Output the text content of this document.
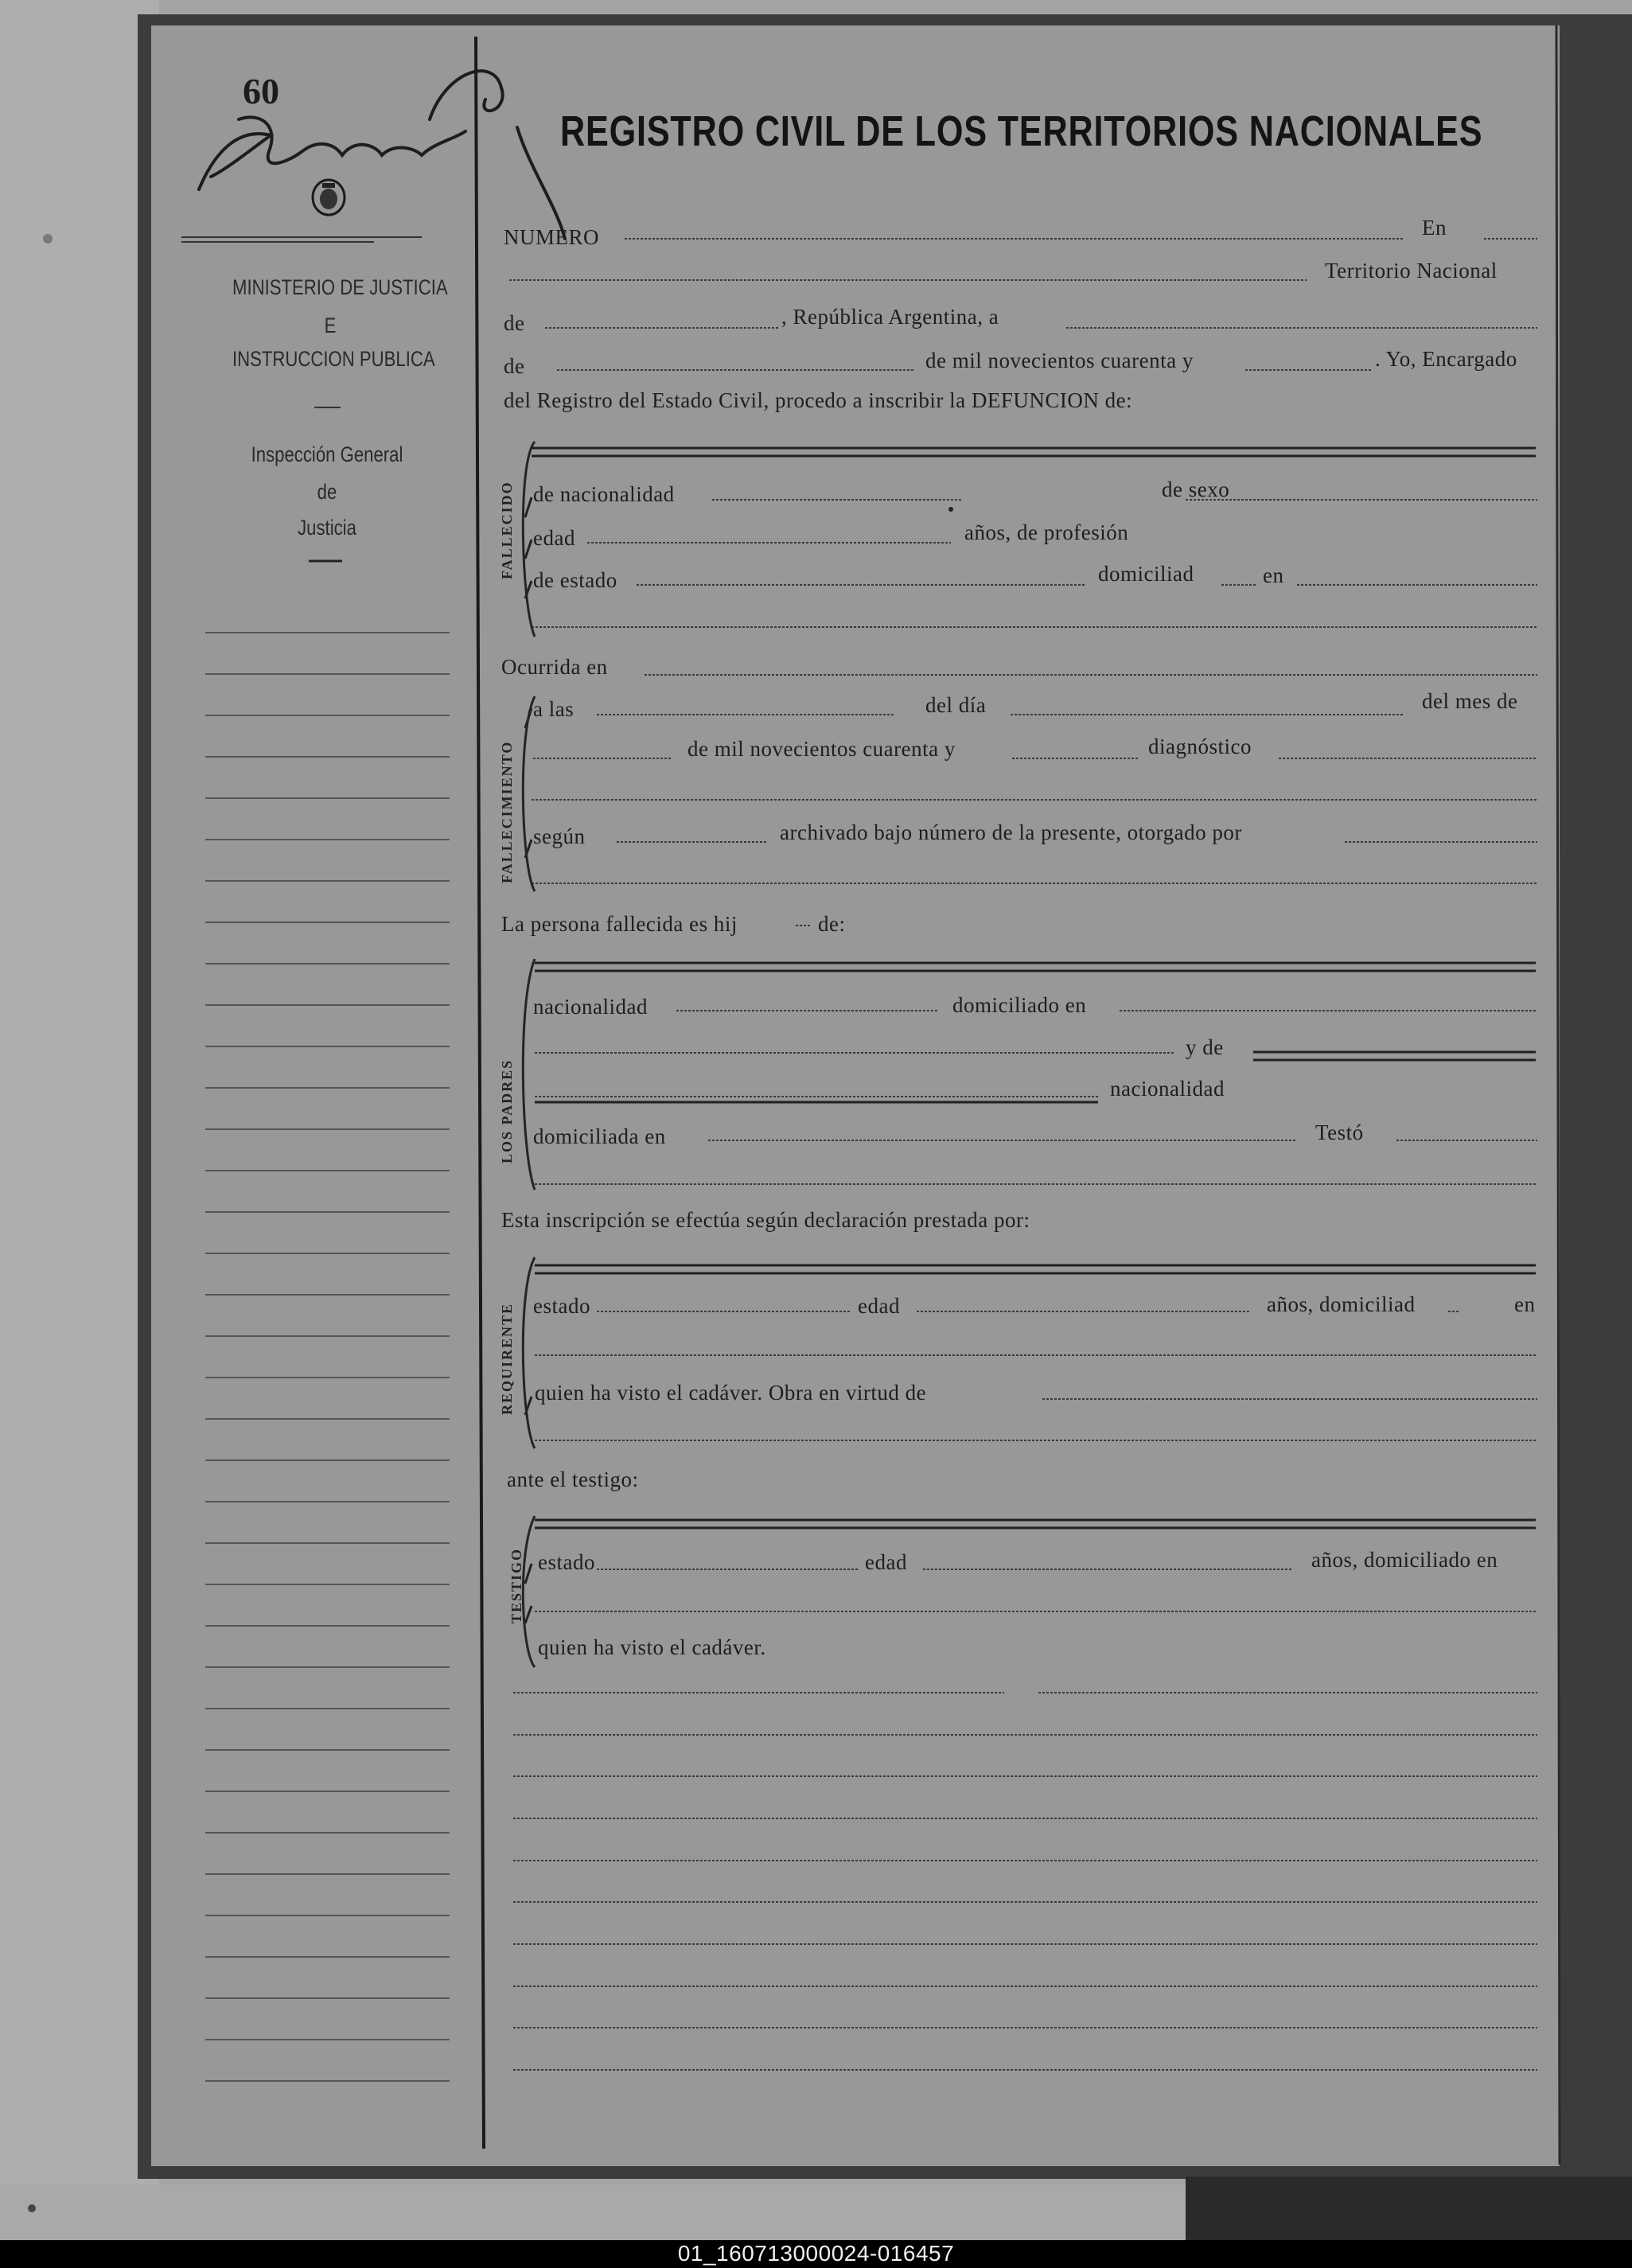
60
REGISTRO CIVIL DE LOS TERRITORIOS NACIONALES
MINISTERIO DE JUSTICIA
E
INSTRUCCION PUBLICA
Inspección General
de
Justicia
NUMERO	En
Territorio Nacional
de	, República Argentina, a
de	de mil novecientos cuarenta y	. Yo, Encargado
del Registro del Estado Civil, procedo a inscribir la DEFUNCION de:
FALLECIDO de nacionalidad	de sexo
edad	años, de profesión
de estado	domiciliad	en
Ocurrida en
FALLECIMIENTO
a las	del día	del mes de
de mil novecientos cuarenta y	diagnóstico
según	archivado bajo número de la presente, otorgado por
La persona fallecida es hij	de:
LOS PADRES
nacionalidad	domiciliado en
y de
nacionalidad
domiciliada en	Testó
Esta inscripción se efectúa según declaración prestada por:
REQUIRENTE estado	edad	años, domiciliad	en
quien ha visto el cadáver. Obra en virtud de
ante el testigo:
TESTIGO estado	edad	años, domiciliado en
quien ha visto el cadáver.
01_160713000024-016457
